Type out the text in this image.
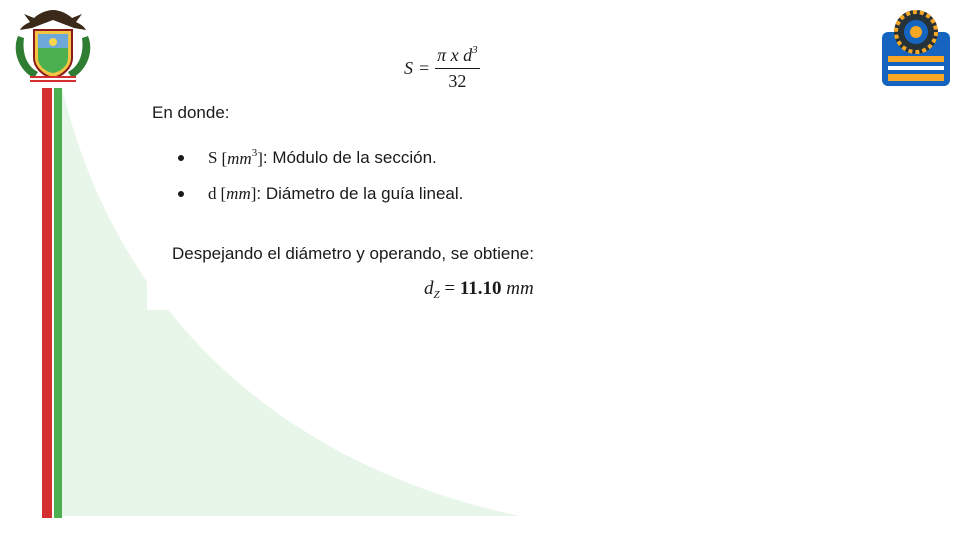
$S = \frac{\pi x d^3}{32}$
En donde:
S $[mm^3]$ : Módulo de la sección.
d [mm] : Diámetro de la guía lineal.
Despejando el diámetro y operando, se obtiene:
$d_Z = 11.10$ mm
